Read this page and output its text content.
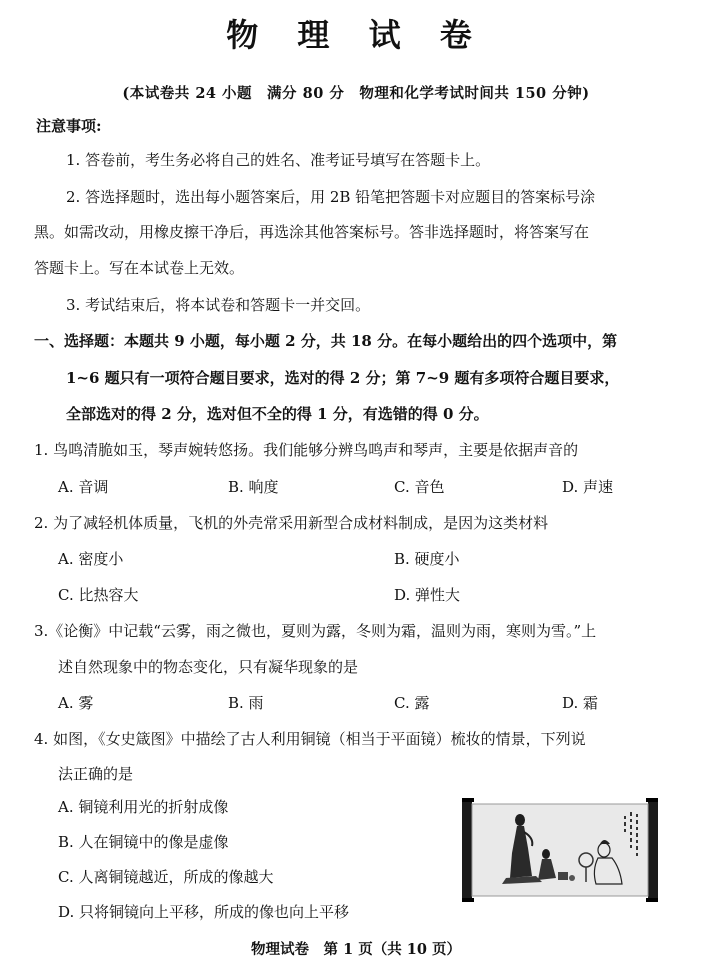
物 理 试 卷
(本试卷共 24 小题　满分 80 分　物理和化学考试时间共 150 分钟)
注意事项:
1. 答卷前，考生务必将自己的姓名、准考证号填写在答题卡上。
2. 答选择题时，选出每小题答案后，用 2B 铅笔把答题卡对应题目的答案标号涂
黑。如需改动，用橡皮擦干净后，再选涂其他答案标号。答非选择题时，将答案写在
答题卡上。写在本试卷上无效。
3. 考试结束后，将本试卷和答题卡一并交回。
一、选择题：本题共 9 小题，每小题 2 分，共 18 分。在每小题给出的四个选项中，第
1~6 题只有一项符合题目要求，选对的得 2 分；第 7~9 题有多项符合题目要求，
全部选对的得 2 分，选对但不全的得 1 分，有选错的得 0 分。
1. 鸟鸣清脆如玉，琴声婉转悠扬。我们能够分辨鸟鸣声和琴声，主要是依据声音的
A. 音调	B. 响度	C. 音色	D. 声速
2. 为了减轻机体质量，飞机的外壳常采用新型合成材料制成，是因为这类材料
A. 密度小	B. 硬度小
C. 比热容大	D. 弹性大
3.《论衡》中记载“云雾，雨之微也，夏则为露，冬则为霜，温则为雨，寒则为雪。”上
述自然现象中的物态变化，只有凝华现象的是
A. 雾	B. 雨	C. 露	D. 霜
4. 如图，《女史箴图》中描绘了古人利用铜镜（相当于平面镜）梳妆的情景，下列说
法正确的是
A. 铜镜利用光的折射成像
B. 人在铜镜中的像是虚像
C. 人离铜镜越近，所成的像越大
D. 只将铜镜向上平移，所成的像也向上平移
物理试卷　第 1 页（共 10 页）
